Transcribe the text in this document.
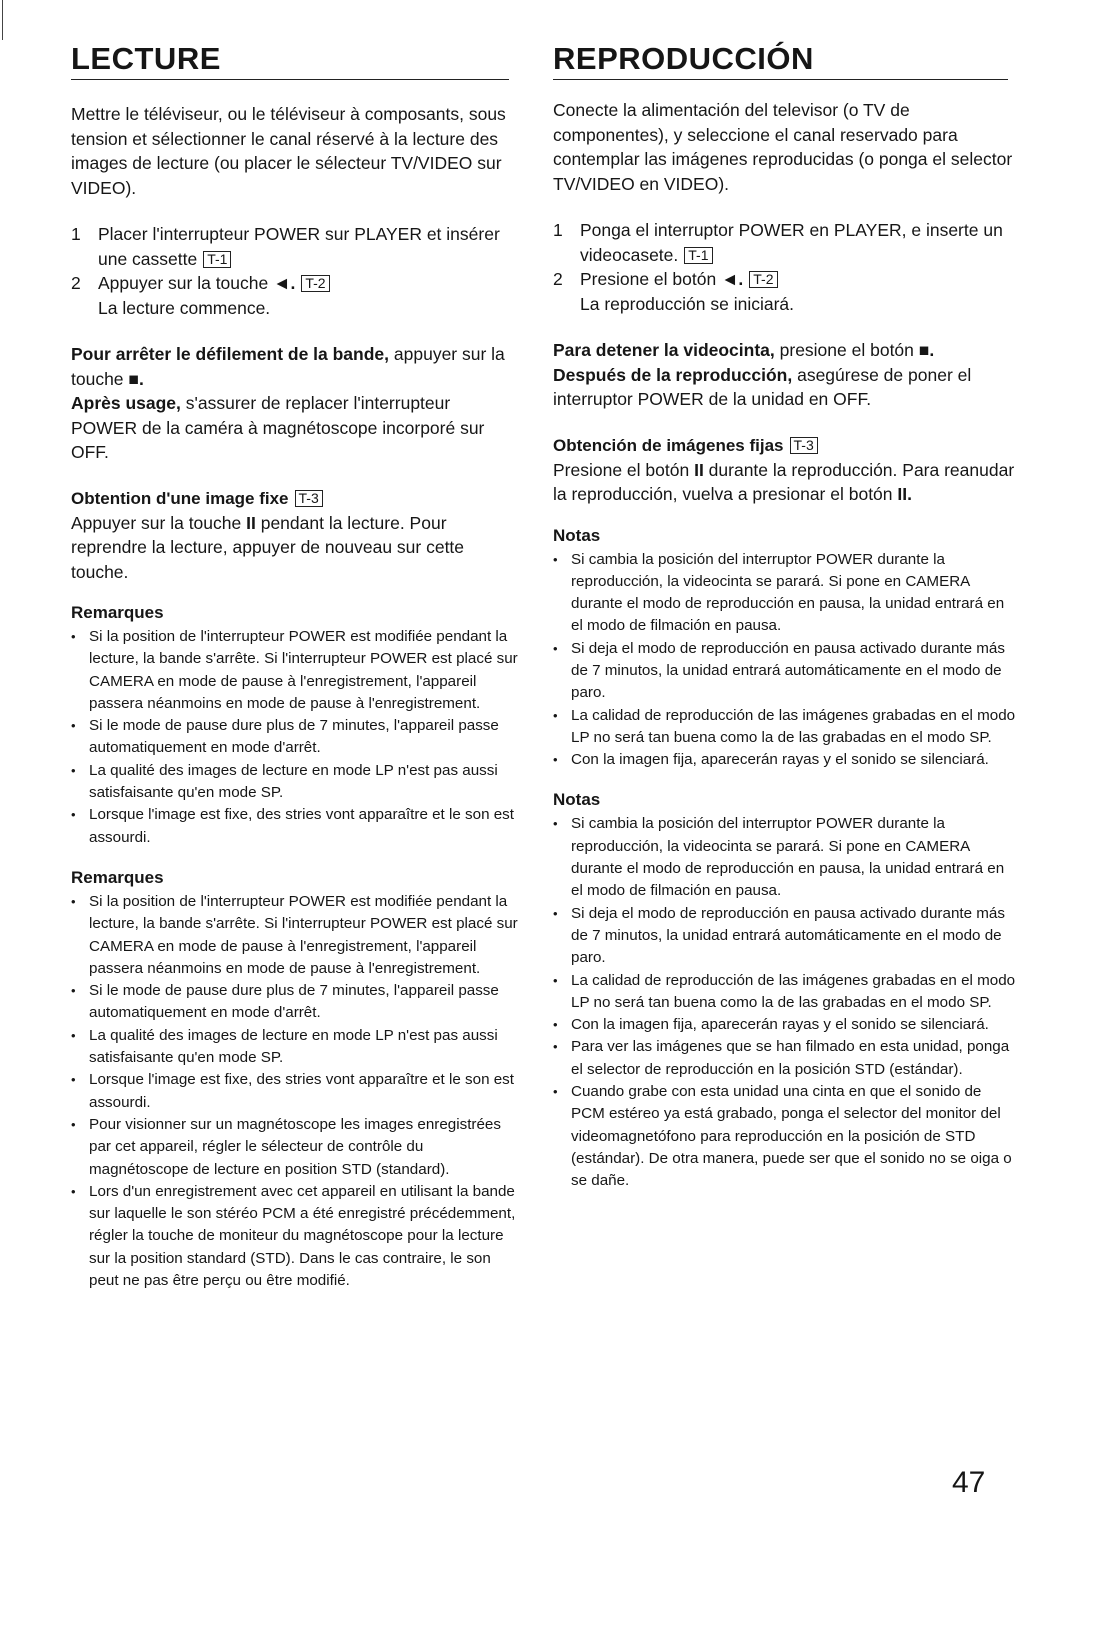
LECTURE

Mettre le téléviseur, ou le téléviseur à composants, sous tension et sélectionner le canal réservé à la lecture des images de lecture (ou placer le sélecteur TV/VIDEO sur VIDEO).

1 Placer l'interrupteur POWER sur PLAYER et insérer une cassette T-1
2 Appuyer sur la touche ◄. T-2
La lecture commence.

Pour arrêter le défilement de la bande, appuyer sur la touche ■.
Après usage, s'assurer de replacer l'interrupteur POWER de la caméra à magnétoscope incorporé sur OFF.

Obtention d'une image fixe T-3

Appuyer sur la touche II pendant la lecture. Pour reprendre la lecture, appuyer de nouveau sur cette touche.

Remarques

• Si la position de l'interrupteur POWER est modifiée pendant la lecture, la bande s'arrête. Si l'interrupteur POWER est placé sur CAMERA en mode de pause à l'enregistrement, l'appareil passera néanmoins en mode de pause à l'enregistrement.
• Si le mode de pause dure plus de 7 minutes, l'appareil passe automatiquement en mode d'arrêt.
• La qualité des images de lecture en mode LP n'est pas aussi satisfaisante qu'en mode SP.
• Lorsque l'image est fixe, des stries vont apparaître et le son est assourdi.

Remarques

• Si la position de l'interrupteur POWER est modifiée pendant la lecture, la bande s'arrête. Si l'interrupteur POWER est placé sur CAMERA en mode de pause à l'enregistrement, l'appareil passera néanmoins en mode de pause à l'enregistrement.
• Si le mode de pause dure plus de 7 minutes, l'appareil passe automatiquement en mode d'arrêt.
• La qualité des images de lecture en mode LP n'est pas aussi satisfaisante qu'en mode SP.
• Lorsque l'image est fixe, des stries vont apparaître et le son est assourdi.
• Pour visionner sur un magnétoscope les images enregistrées par cet appareil, régler le sélecteur de contrôle du magnétoscope de lecture en position STD (standard).
• Lors d'un enregistrement avec cet appareil en utilisant la bande sur laquelle le son stéréo PCM a été enregistré précédemment, régler la touche de moniteur du magnétoscope pour la lecture sur la position standard (STD). Dans le cas contraire, le son peut ne pas être perçu ou être modifié.
REPRODUCCIÓN

Conecte la alimentación del televisor (o TV de componentes), y seleccione el canal reservado para contemplar las imágenes reproducidas (o ponga el selector TV/VIDEO en VIDEO).

1 Ponga el interruptor POWER en PLAYER, e inserte un videocasete. T-1
2 Presione el botón ◄. T-2
La reproducción se iniciará.

Para detener la videocinta, presione el botón ■.
Después de la reproducción, asegúrese de poner el interruptor POWER de la unidad en OFF.

Obtención de imágenes fijas T-3

Presione el botón II durante la reproducción. Para reanudar la reproducción, vuelva a presionar el botón II.

Notas

• Si cambia la posición del interruptor POWER durante la reproducción, la videocinta se parará. Si pone en CAMERA durante el modo de reproducción en pausa, la unidad entrará en el modo de filmación en pausa.
• Si deja el modo de reproducción en pausa activado durante más de 7 minutos, la unidad entrará automáticamente en el modo de paro.
• La calidad de reproducción de las imágenes grabadas en el modo LP no será tan buena como la de las grabadas en el modo SP.
• Con la imagen fija, aparecerán rayas y el sonido se silenciará.

Notas

• Si cambia la posición del interruptor POWER durante la reproducción, la videocinta se parará. Si pone en CAMERA durante el modo de reproducción en pausa, la unidad entrará en el modo de filmación en pausa.
• Si deja el modo de reproducción en pausa activado durante más de 7 minutos, la unidad entrará automáticamente en el modo de paro.
• La calidad de reproducción de las imágenes grabadas en el modo LP no será tan buena como la de las grabadas en el modo SP.
• Con la imagen fija, aparecerán rayas y el sonido se silenciará.
• Para ver las imágenes que se han filmado en esta unidad, ponga el selector de reproducción en la posición STD (estándar).
• Cuando grabe con esta unidad una cinta en que el sonido de PCM estéreo ya está grabado, ponga el selector del monitor del videomagnetófono para reproducción en la posición de STD (estándar). De otra manera, puede ser que el sonido no se oiga o se dañe.
47
